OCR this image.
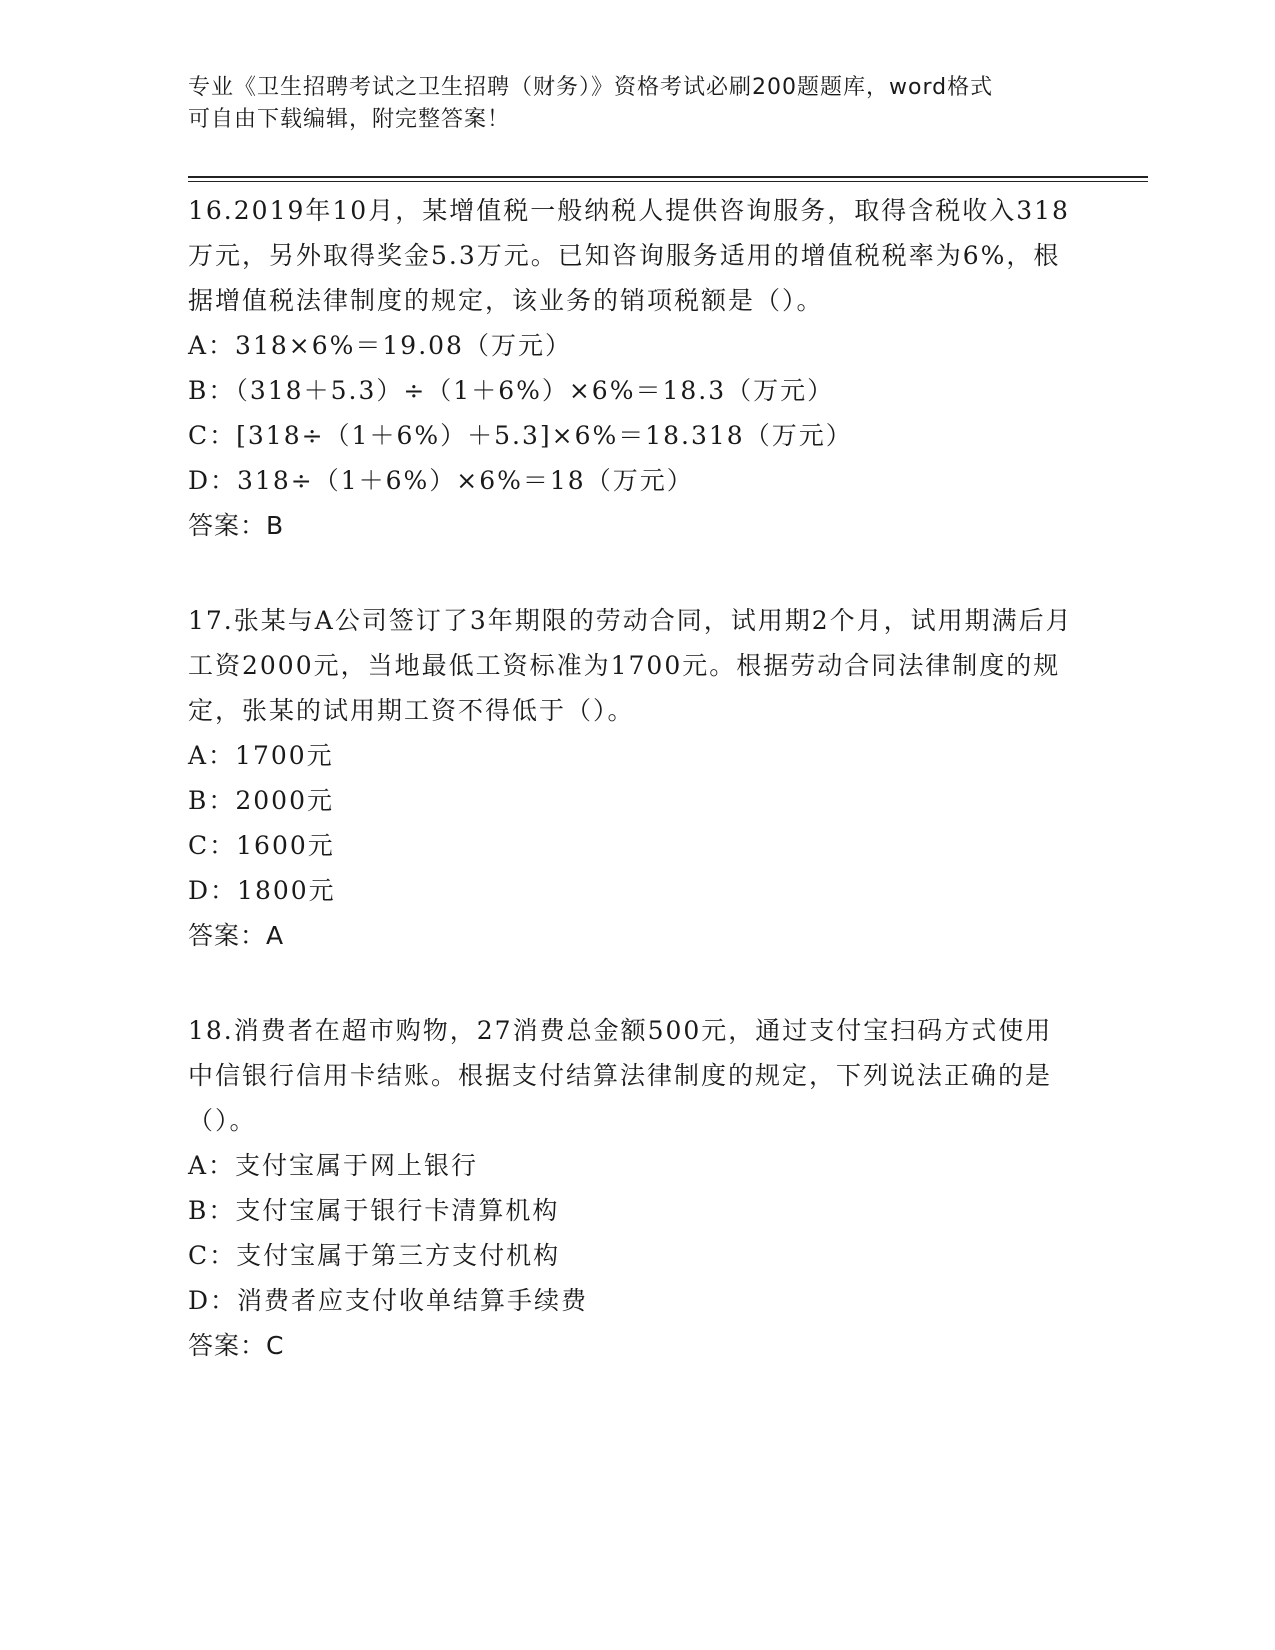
专业《卫生招聘考试之卫生招聘（财务）》资格考试必刷200题题库，word格式
可自由下载编辑，附完整答案！
16.2019年10月，某增值税一般纳税人提供咨询服务，取得含税收入318万元，另外取得奖金5.3万元。已知咨询服务适用的增值税税率为6%，根据增值税法律制度的规定，该业务的销项税额是（）。
A：318×6%＝19.08（万元）
B：（318＋5.3）÷（1＋6%）×6%＝18.3（万元）
C：[318÷（1＋6%）＋5.3]×6%＝18.318（万元）
D：318÷（1＋6%）×6%＝18（万元）
答案：B
17.张某与A公司签订了3年期限的劳动合同，试用期2个月，试用期满后月工资2000元，当地最低工资标准为1700元。根据劳动合同法律制度的规定，张某的试用期工资不得低于（）。
A：1700元
B：2000元
C：1600元
D：1800元
答案：A
18.消费者在超市购物，27消费总金额500元，通过支付宝扫码方式使用中信银行信用卡结账。根据支付结算法律制度的规定，下列说法正确的是（）。
A：支付宝属于网上银行
B：支付宝属于银行卡清算机构
C：支付宝属于第三方支付机构
D：消费者应支付收单结算手续费
答案：C
